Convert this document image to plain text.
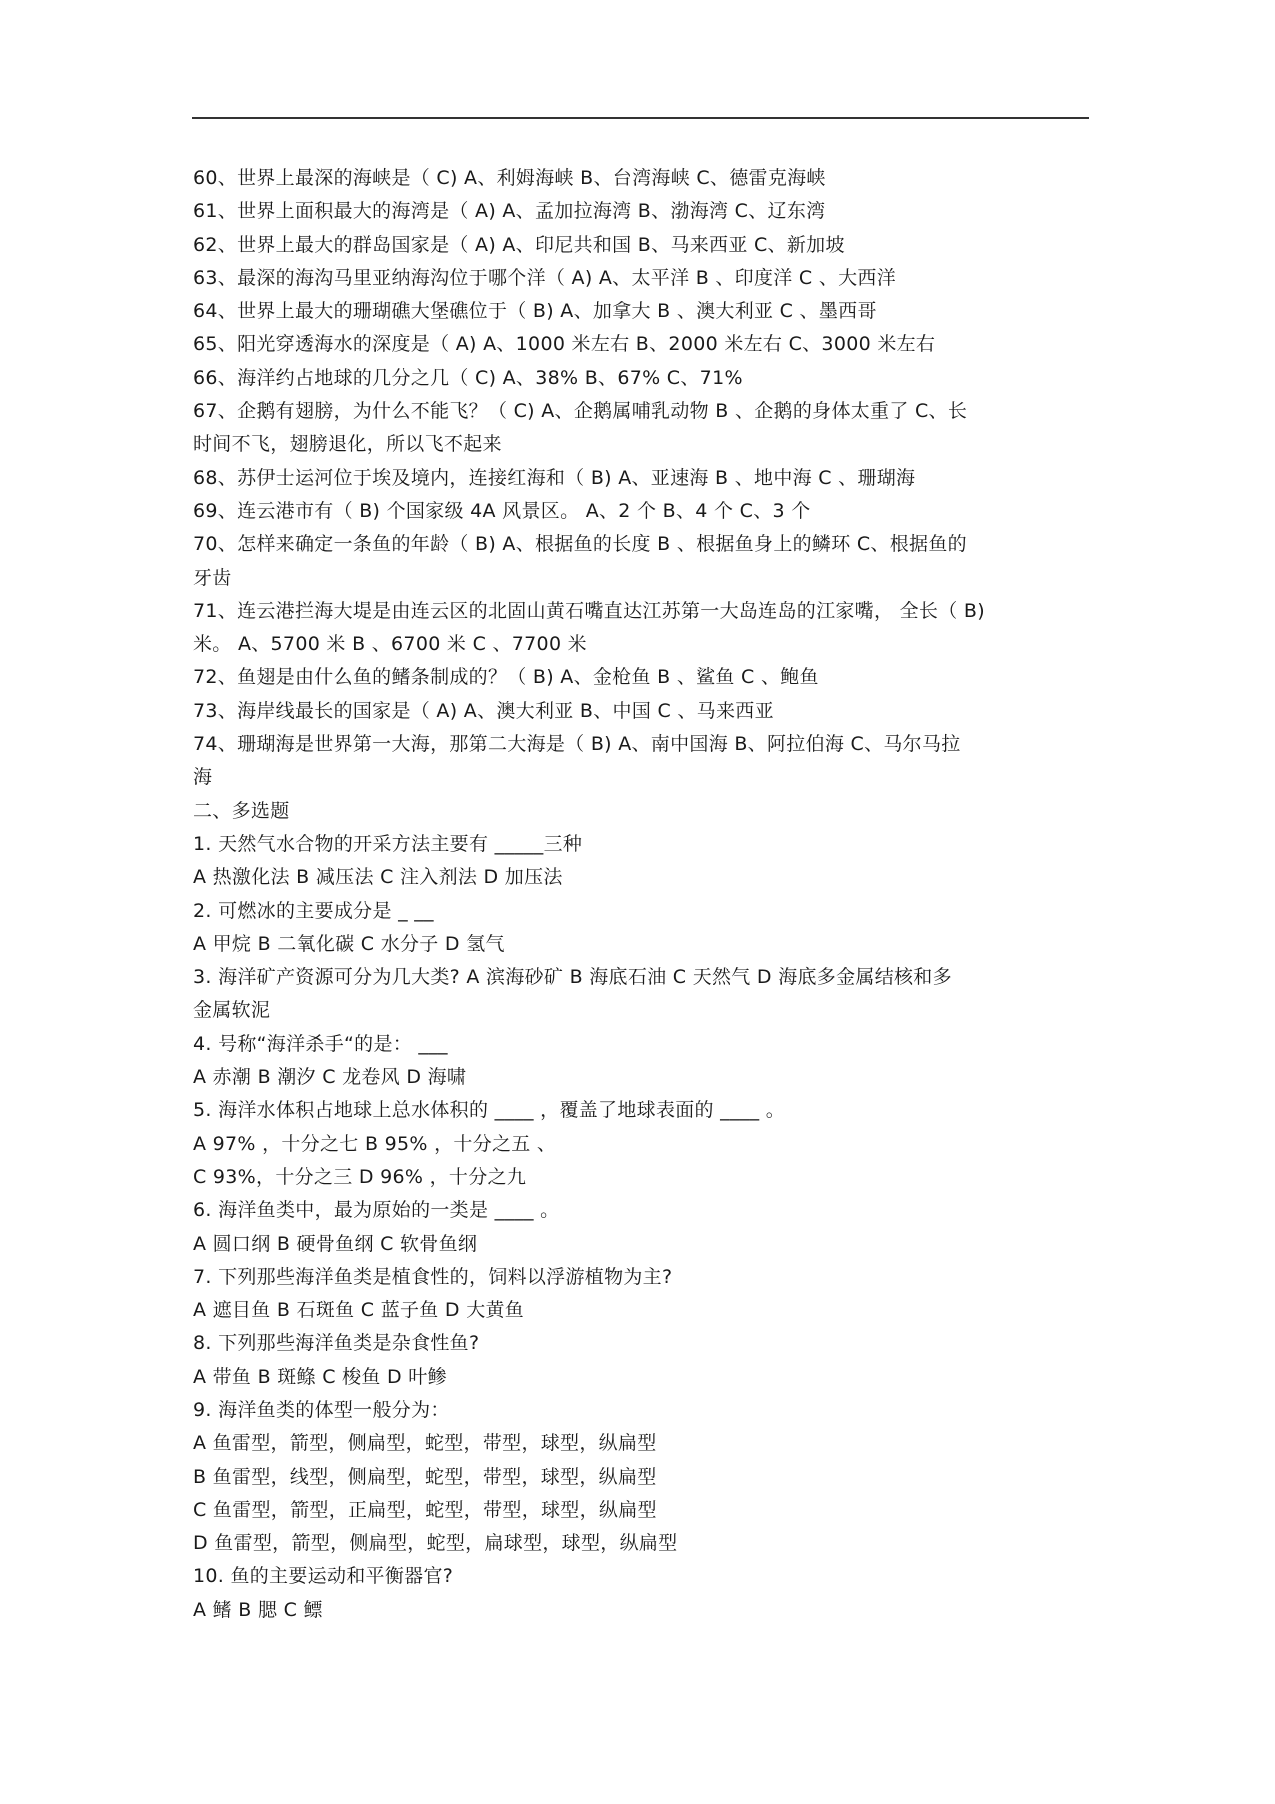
60、世界上最深的海峡是（ C) A、利姆海峡 B、台湾海峡 C、德雷克海峡
61、世界上面积最大的海湾是（ A) A、孟加拉海湾 B、渤海湾 C、辽东湾
62、世界上最大的群岛国家是（ A) A、印尼共和国 B、马来西亚 C、新加坡
63、最深的海沟马里亚纳海沟位于哪个洋（ A) A、太平洋 B 、印度洋 C 、大西洋
64、世界上最大的珊瑚礁大堡礁位于（ B) A、加拿大 B 、澳大利亚 C 、墨西哥
65、阳光穿透海水的深度是（ A) A、1000 米左右 B、2000 米左右 C、3000 米左右
66、海洋约占地球的几分之几（ C) A、38% B、67% C、71%
67、企鹅有翅膀，为什么不能飞？（ C) A、企鹅属哺乳动物 B 、企鹅的身体太重了 C、长
时间不飞，翅膀退化，所以飞不起来
68、苏伊士运河位于埃及境内，连接红海和（ B) A、亚速海 B 、地中海 C 、珊瑚海
69、连云港市有（ B) 个国家级 4A 风景区。 A、2 个 B、4 个 C、3 个
70、怎样来确定一条鱼的年龄（ B) A、根据鱼的长度 B 、根据鱼身上的鳞环 C、根据鱼的
牙齿
71、连云港拦海大堤是由连云区的北固山黄石嘴直达江苏第一大岛连岛的江家嘴， 全长（ B)
米。 A、5700 米 B 、6700 米 C 、7700 米
72、鱼翅是由什么鱼的鳍条制成的？（ B) A、金枪鱼 B 、鲨鱼 C 、鲍鱼
73、海岸线最长的国家是（ A) A、澳大利亚 B、中国 C 、马来西亚
74、珊瑚海是世界第一大海，那第二大海是（ B) A、南中国海 B、阿拉伯海 C、马尔马拉
海
二、多选题
1. 天然气水合物的开采方法主要有 _____三种
A 热激化法 B 减压法 C 注入剂法 D 加压法
2. 可燃冰的主要成分是 _ __
A 甲烷 B 二氧化碳 C 水分子 D 氢气
3. 海洋矿产资源可分为几大类? A 滨海砂矿 B 海底石油 C 天然气 D 海底多金属结核和多
金属软泥
4. 号称“海洋杀手“的是： ___
A 赤潮 B 潮汐 C 龙卷风 D 海啸
5. 海洋水体积占地球上总水体积的 ____ ，覆盖了地球表面的 ____ 。
A 97% ，十分之七 B 95% ，十分之五 、
C 93%，十分之三 D 96% ，十分之九
6. 海洋鱼类中，最为原始的一类是 ____ 。
A 圆口纲 B 硬骨鱼纲 C 软骨鱼纲
7. 下列那些海洋鱼类是植食性的，饲料以浮游植物为主?
A 遮目鱼 B 石斑鱼 C 蓝子鱼 D 大黄鱼
8. 下列那些海洋鱼类是杂食性鱼?
A 带鱼 B 斑鲦 C 梭鱼 D 叶鲹
9. 海洋鱼类的体型一般分为：
A 鱼雷型，箭型，侧扁型，蛇型，带型，球型，纵扁型
B 鱼雷型，线型，侧扁型，蛇型，带型，球型，纵扁型
C 鱼雷型，箭型，正扁型，蛇型，带型，球型，纵扁型
D 鱼雷型，箭型，侧扁型，蛇型，扁球型，球型，纵扁型
10. 鱼的主要运动和平衡器官?
A 鳍 B 腮 C 鳔
